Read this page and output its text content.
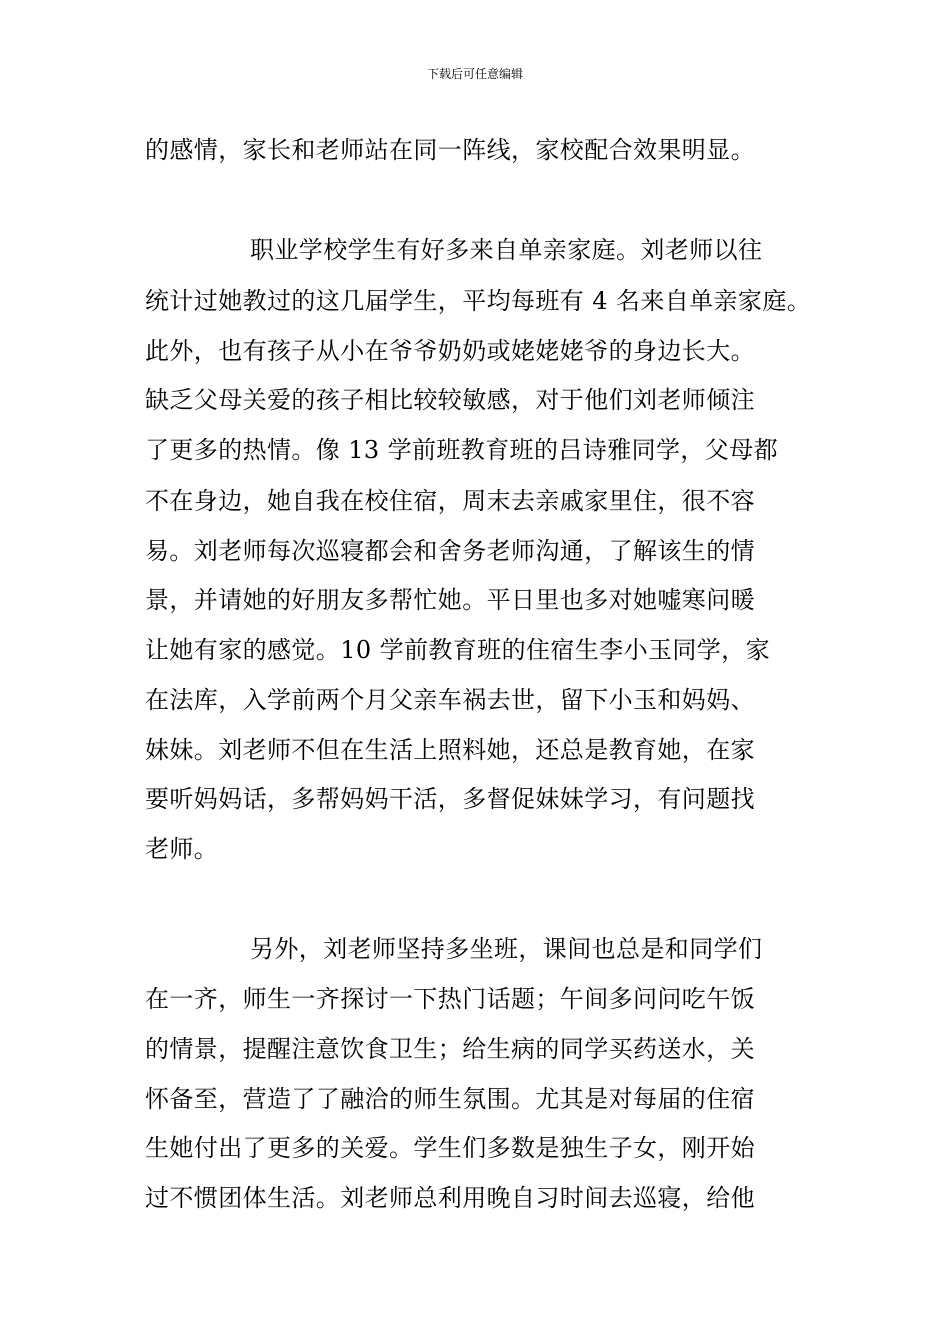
下载后可任意编辑
的感情，家长和老师站在同一阵线，家校配合效果明显。
职业学校学生有好多来自单亲家庭。刘老师以往
统计过她教过的这几届学生，平均每班有 4 名来自单亲家庭。
此外，也有孩子从小在爷爷奶奶或姥姥姥爷的身边长大。
缺乏父母关爱的孩子相比较较敏感，对于他们刘老师倾注
了更多的热情。像 13 学前班教育班的吕诗雅同学，父母都
不在身边，她自我在校住宿，周末去亲戚家里住，很不容
易。刘老师每次巡寝都会和舍务老师沟通，了解该生的情
景，并请她的好朋友多帮忙她。平日里也多对她嘘寒问暖
让她有家的感觉。10 学前教育班的住宿生李小玉同学，家
在法库，入学前两个月父亲车祸去世，留下小玉和妈妈、
妹妹。刘老师不但在生活上照料她，还总是教育她，在家
要听妈妈话，多帮妈妈干活，多督促妹妹学习，有问题找
老师。
另外，刘老师坚持多坐班，课间也总是和同学们
在一齐，师生一齐探讨一下热门话题；午间多问问吃午饭
的情景，提醒注意饮食卫生；给生病的同学买药送水，关
怀备至，营造了了融洽的师生氛围。尤其是对每届的住宿
生她付出了更多的关爱。学生们多数是独生子女，刚开始
过不惯团体生活。刘老师总利用晚自习时间去巡寝，给他
